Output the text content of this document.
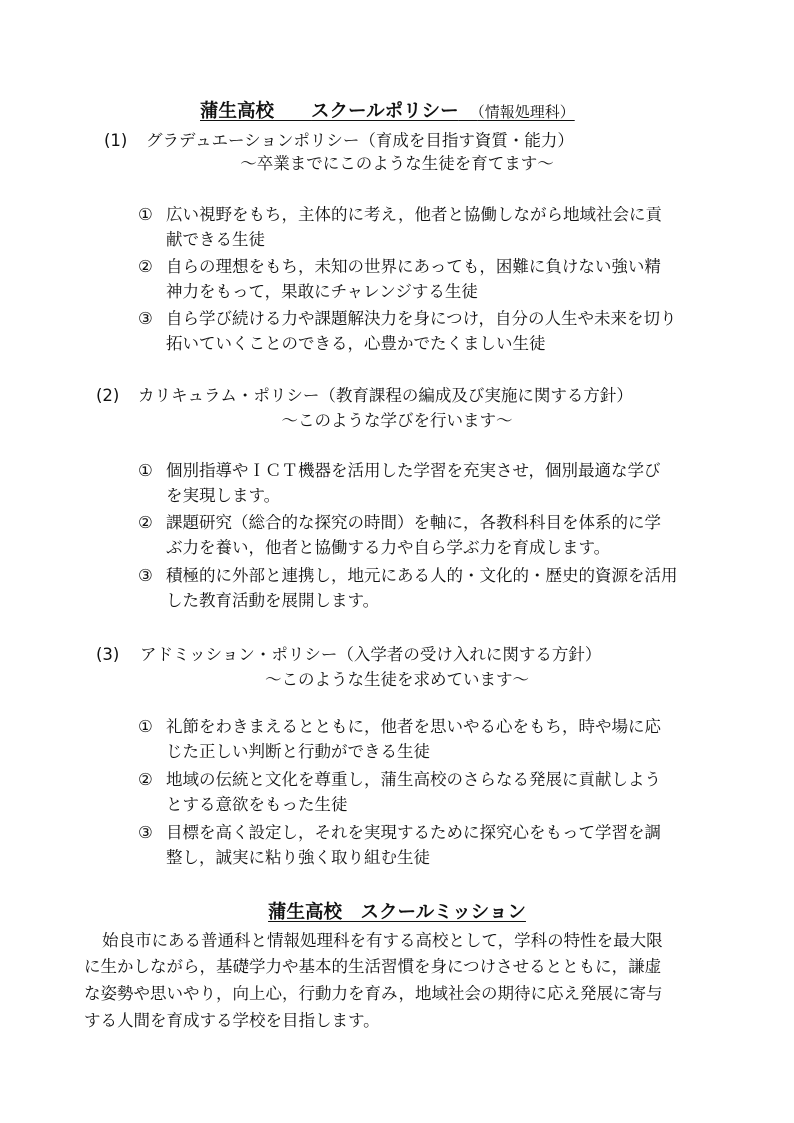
蒲生高校　　 スクールポリシー　 （情報処理科）
(1) グラデュエーションポリシー（育成を目指す資質・能力）
～卒業までにこのような生徒を育てます～
① 広い視野をもち，主体的に考え，他者と協働しながら地域社会に貢
献できる生徒
② 自らの理想をもち，未知の世界にあっても，困難に負けない強い精
神力をもって，果敢にチャレンジする生徒
③ 自ら学び続ける力や課題解決力を身につけ，自分の人生や未来を切り
拓いていくことのできる，心豊かでたくましい生徒
(2) カリキュラム・ポリシー（教育課程の編成及び実施に関する方針）
～このような学びを行います～
① 個別指導やＩＣＴ機器を活用した学習を充実させ，個別最適な学び
を実現します。
② 課題研究（総合的な探究の時間）を軸に，各教科科目を体系的に学
ぶ力を養い，他者と協働する力や自ら学ぶ力を育成します。
③ 積極的に外部と連携し，地元にある人的・文化的・歴史的資源を活用
した教育活動を展開します。
(3) アドミッション・ポリシー（入学者の受け入れに関する方針）
～このような生徒を求めています～
① 礼節をわきまえるとともに，他者を思いやる心をもち，時や場に応
じた正しい判断と行動ができる生徒
② 地域の伝統と文化を尊重し，蒲生高校のさらなる発展に貢献しよう
とする意欲をもった生徒
③ 目標を高く設定し，それを実現するために探究心をもって学習を調
整し，誠実に粘り強く取り組む生徒
蒲生高校　スクールミッション
始良市にある普通科と情報処理科を有する高校として，学科の特性を最大限
に生かしながら，基礎学力や基本的生活習慣を身につけさせるとともに，謙虚
な姿勢や思いやり，向上心，行動力を育み，地域社会の期待に応え発展に寄与
する人間を育成する学校を目指します。
